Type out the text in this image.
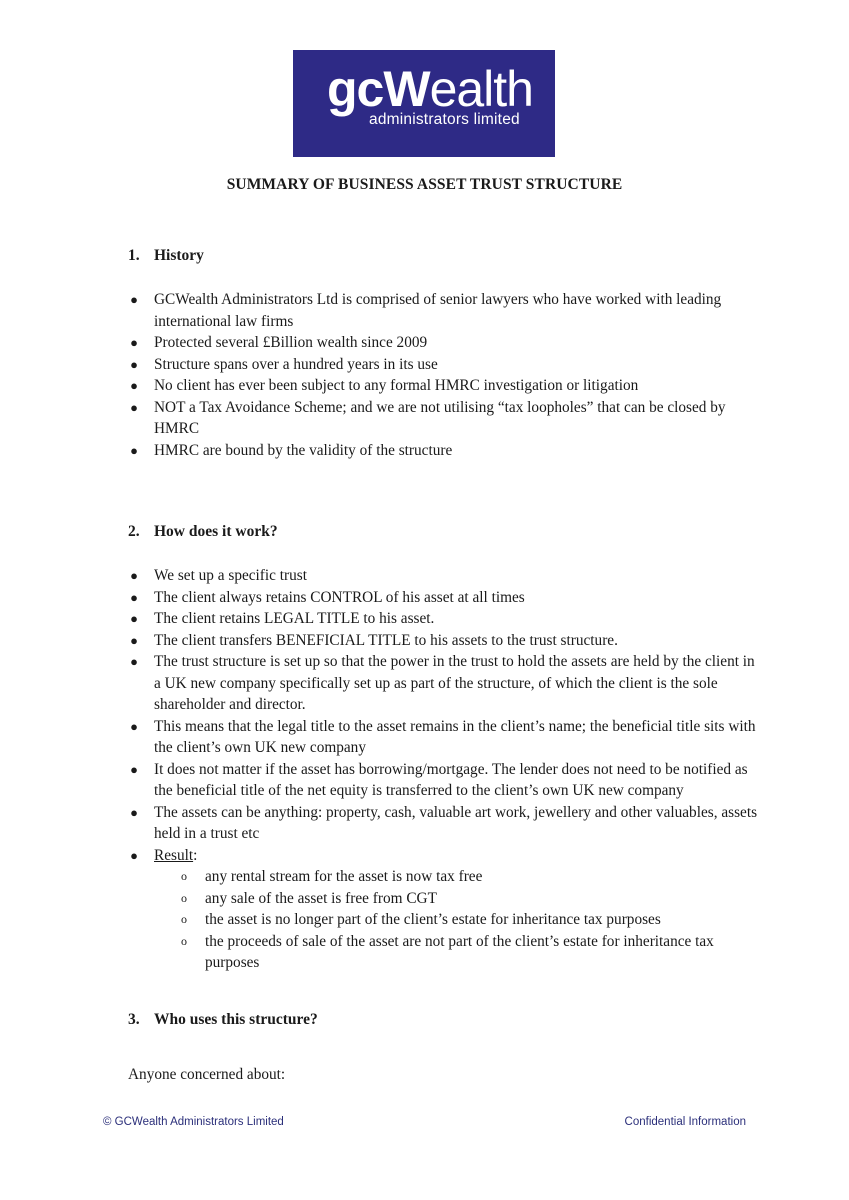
gcWealth
administrators limited
SUMMARY OF BUSINESS ASSET TRUST STRUCTURE
1. History
● GCWealth Administrators Ltd is comprised of senior lawyers who have worked with leading international law firms
● Protected several £Billion wealth since 2009
● Structure spans over a hundred years in its use
● No client has ever been subject to any formal HMRC investigation or litigation
● NOT a Tax Avoidance Scheme; and we are not utilising “tax loopholes” that can be closed by HMRC
● HMRC are bound by the validity of the structure
2. How does it work?
● We set up a specific trust
● The client always retains CONTROL of his asset at all times
● The client retains LEGAL TITLE to his asset.
● The client transfers BENEFICIAL TITLE to his assets to the trust structure.
● The trust structure is set up so that the power in the trust to hold the assets are held by the client in a UK new company specifically set up as part of the structure, of which the client is the sole shareholder and director.
● This means that the legal title to the asset remains in the client’s name; the beneficial title sits with the client’s own UK new company
● It does not matter if the asset has borrowing/mortgage. The lender does not need to be notified as the beneficial title of the net equity is transferred to the client’s own UK new company
● The assets can be anything: property, cash, valuable art work, jewellery and other valuables, assets held in a trust etc
● Result:
o any rental stream for the asset is now tax free
o any sale of the asset is free from CGT
o the asset is no longer part of the client’s estate for inheritance tax purposes
o the proceeds of sale of the asset are not part of the client’s estate for inheritance tax purposes
3. Who uses this structure?
Anyone concerned about:
© GCWealth Administrators Limited	Confidential Information
